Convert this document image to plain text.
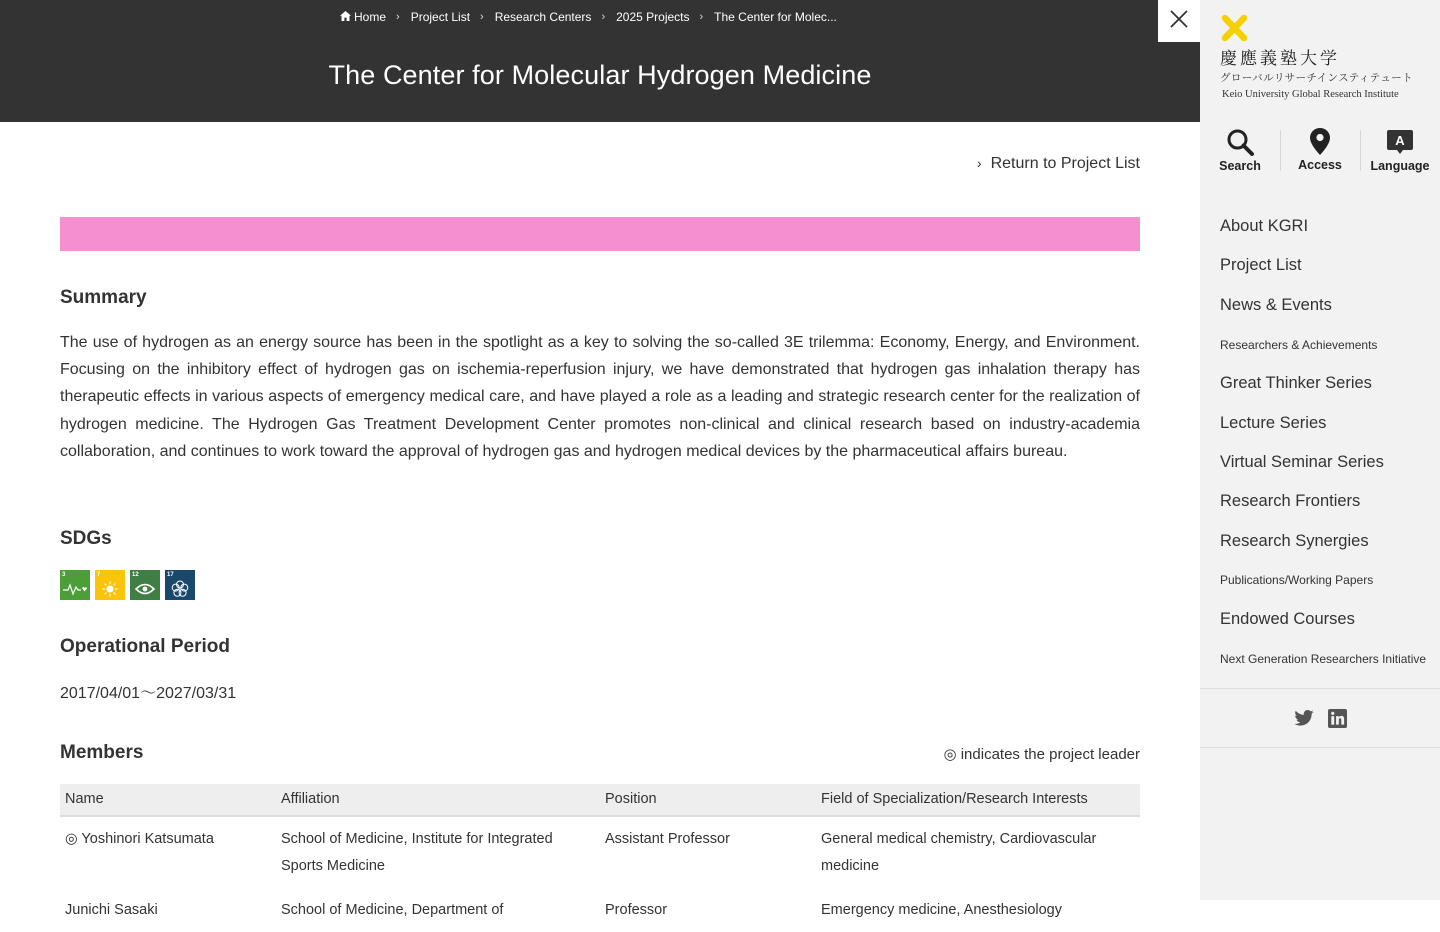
Home › Project List › Research Centers › 2025 Projects › The Center for Molec...
The Center for Molecular Hydrogen Medicine
› Return to Project List
Summary

The use of hydrogen as an energy source has been in the spotlight as a key to solving the so-called 3E trilemma: Economy, Energy, and Environment. Focusing on the inhibitory effect of hydrogen gas on ischemia-reperfusion injury, we have demonstrated that hydrogen gas inhalation therapy has therapeutic effects in various aspects of emergency medical care, and have played a role as a leading and strategic research center for the realization of hydrogen medicine. The Hydrogen Gas Treatment Development Center promotes non-clinical and clinical research based on industry-academia collaboration, and continues to work toward the approval of hydrogen gas and hydrogen medical devices by the pharmaceutical affairs bureau.

SDGs
3	7	12	17
Operational Period

2017/04/01～2027/03/31

Members	◎ indicates the project leader

Name	Affiliation	Position	Field of Specialization/Research Interests
◎ Yoshinori Katsumata	School of Medicine, Institute for Integrated Sports Medicine	Assistant Professor	General medical chemistry, Cardiovascular medicine
Junichi Sasaki	School of Medicine, Department of	Professor	Emergency medicine, Anesthesiology
慶應義塾大学
グローバルリサーチインスティテュート
Keio University Global Research Institute
Search	Access
A
Language
About KGRI
Project List
News & Events
Researchers & Achievements
Great Thinker Series
Lecture Series
Virtual Seminar Series
Research Frontiers
Research Synergies
Publications/Working Papers
Endowed Courses
Next Generation Researchers Initiative
